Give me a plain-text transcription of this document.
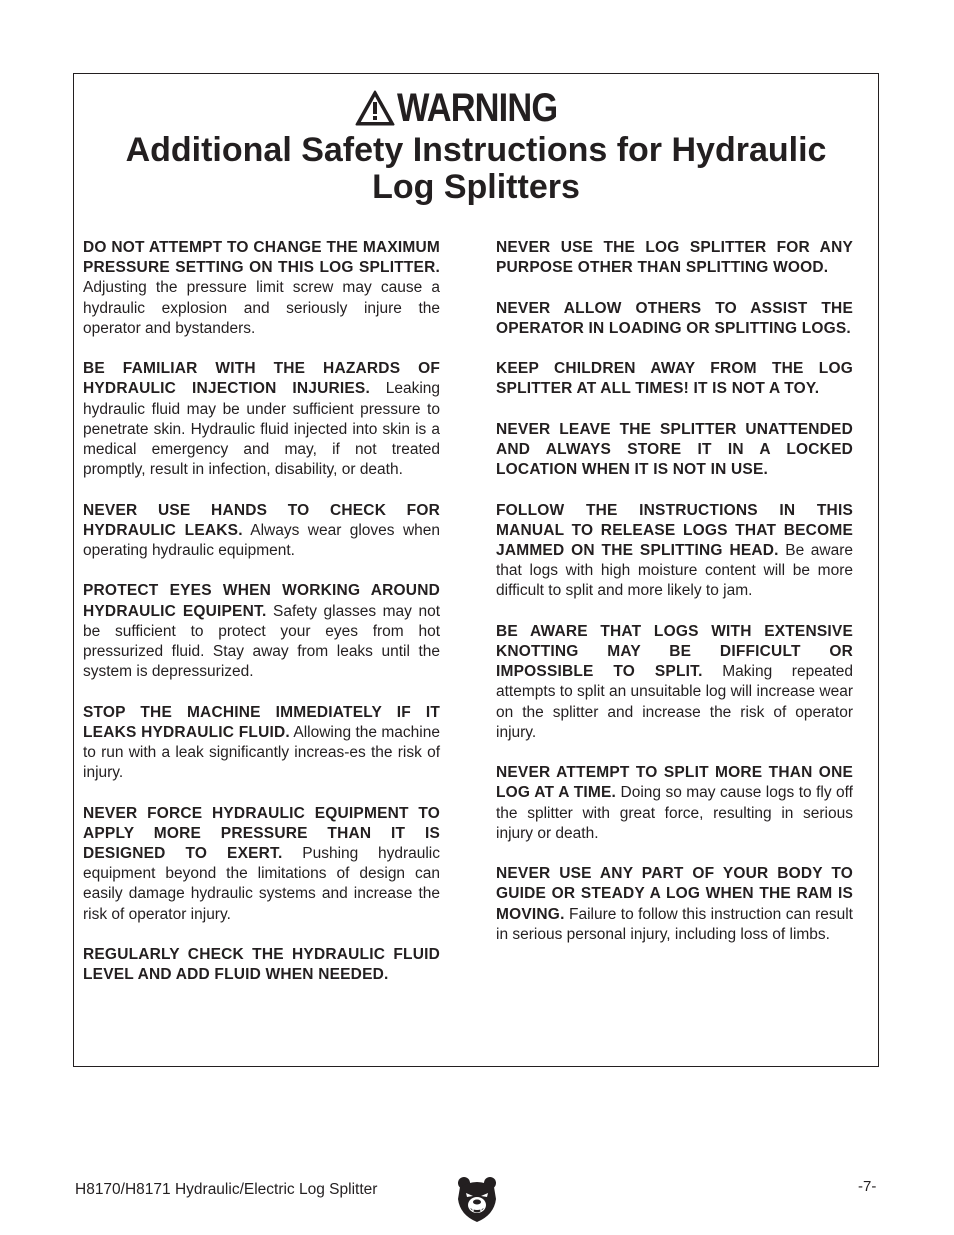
WARNING
Additional Safety Instructions for Hydraulic Log Splitters

DO NOT ATTEMPT TO CHANGE THE MAXIMUM PRESSURE SETTING ON THIS LOG SPLITTER. Adjusting the pressure limit screw may cause a hydraulic explosion and seriously injure the operator and bystanders.

BE FAMILIAR WITH THE HAZARDS OF HYDRAULIC INJECTION INJURIES. Leaking hydraulic fluid may be under sufficient pressure to penetrate skin. Hydraulic fluid injected into skin is a medical emergency and may, if not treated promptly, result in infection, disability, or death.

NEVER USE HANDS TO CHECK FOR HYDRAULIC LEAKS. Always wear gloves when operating hydraulic equipment.

PROTECT EYES WHEN WORKING AROUND HYDRAULIC EQUIPENT. Safety glasses may not be sufficient to protect your eyes from hot pressurized fluid. Stay away from leaks until the system is depressurized.

STOP THE MACHINE IMMEDIATELY IF IT LEAKS HYDRAULIC FLUID. Allowing the machine to run with a leak significantly increas-es the risk of injury.

NEVER FORCE HYDRAULIC EQUIPMENT TO APPLY MORE PRESSURE THAN IT IS DESIGNED TO EXERT. Pushing hydraulic equipment beyond the limitations of design can easily damage hydraulic systems and increase the risk of operator injury.

REGULARLY CHECK THE HYDRAULIC FLUID LEVEL AND ADD FLUID WHEN NEEDED.

NEVER USE THE LOG SPLITTER FOR ANY PURPOSE OTHER THAN SPLITTING WOOD.

NEVER ALLOW OTHERS TO ASSIST THE OPERATOR IN LOADING OR SPLITTING LOGS.

KEEP CHILDREN AWAY FROM THE LOG SPLITTER AT ALL TIMES! IT IS NOT A TOY.

NEVER LEAVE THE SPLITTER UNATTENDED AND ALWAYS STORE IT IN A LOCKED LOCATION WHEN IT IS NOT IN USE.

FOLLOW THE INSTRUCTIONS IN THIS MANUAL TO RELEASE LOGS THAT BECOME JAMMED ON THE SPLITTING HEAD. Be aware that logs with high moisture content will be more difficult to split and more likely to jam.

BE AWARE THAT LOGS WITH EXTENSIVE KNOTTING MAY BE DIFFICULT OR IMPOSSIBLE TO SPLIT. Making repeated attempts to split an unsuitable log will increase wear on the splitter and increase the risk of operator injury.

NEVER ATTEMPT TO SPLIT MORE THAN ONE LOG AT A TIME. Doing so may cause logs to fly off the splitter with great force, resulting in serious injury or death.

NEVER USE ANY PART OF YOUR BODY TO GUIDE OR STEADY A LOG WHEN THE RAM IS MOVING. Failure to follow this instruction can result in serious personal injury, including loss of limbs.

H8170/H8171 Hydraulic/Electric Log Splitter	-7-
